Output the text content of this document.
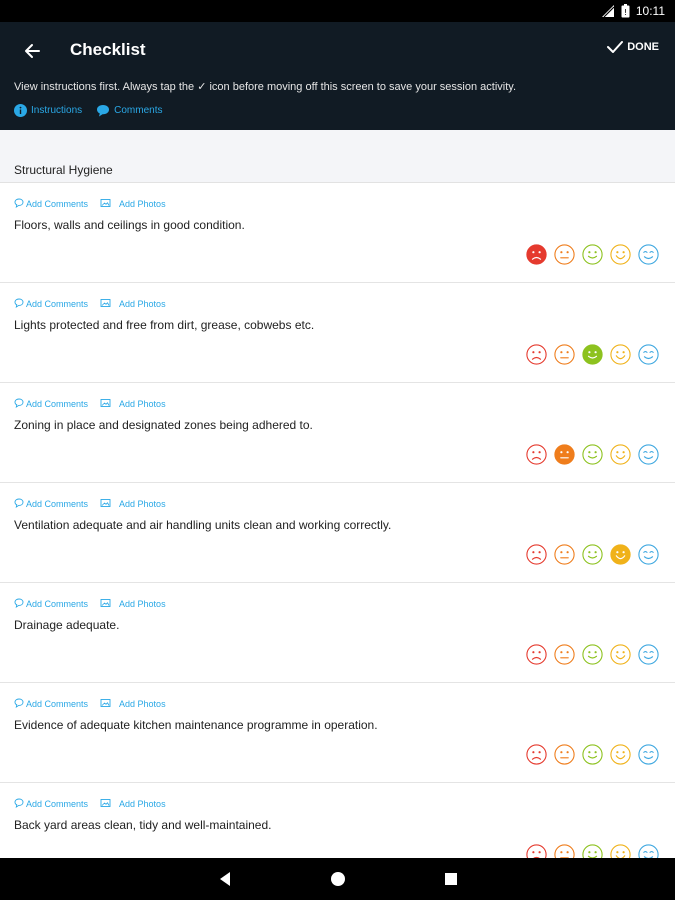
! 10:11
Checklist	DONE
View instructions first. Always tap the ✓ icon before moving off this screen to save your session activity.
Instructions	Comments
Structural Hygiene
Add Comments	Add Photos
Floors, walls and ceilings in good condition.
Add Comments	Add Photos
Lights protected and free from dirt, grease, cobwebs etc.
Add Comments	Add Photos
Zoning in place and designated zones being adhered to.
Add Comments	Add Photos
Ventilation adequate and air handling units clean and working correctly.
Add Comments	Add Photos
Drainage adequate.
Add Comments	Add Photos
Evidence of adequate kitchen maintenance programme in operation.
Add Comments	Add Photos
Back yard areas clean, tidy and well-maintained.
